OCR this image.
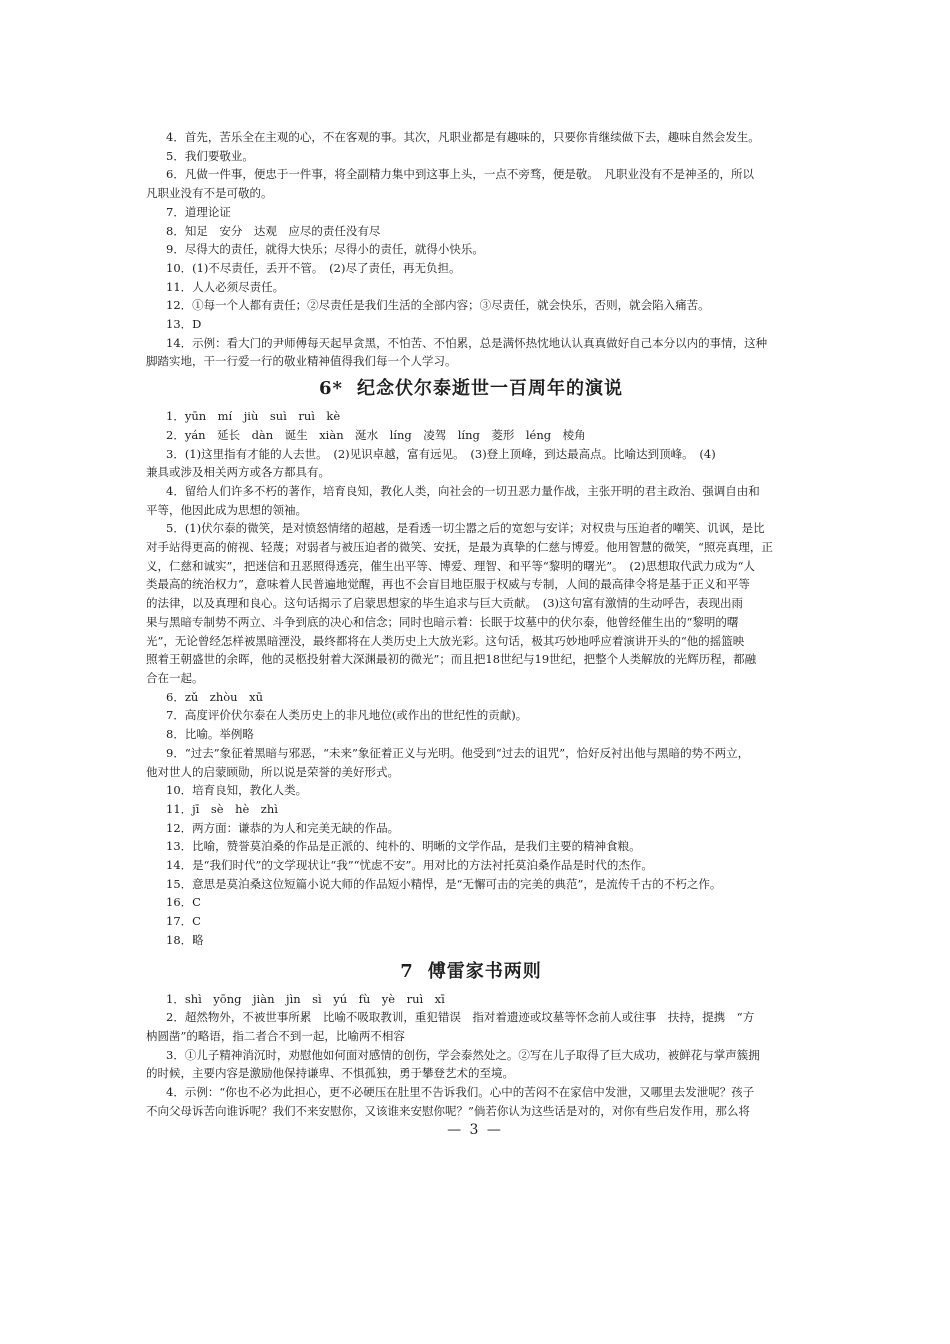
4．首先，苦乐全在主观的心，不在客观的事。其次，凡职业都是有趣味的，只要你肯继续做下去，趣味自然会发生。
5．我们要敬业。
6．凡做一件事，便忠于一件事，将全副精力集中到这事上头，一点不旁骛，便是敬。　凡职业没有不是神圣的，所以
凡职业没有不是可敬的。
7．道理论证
8．知足　安分　达观　应尽的责任没有尽
9．尽得大的责任，就得大快乐；尽得小的责任，就得小快乐。
10．(1)不尽责任，丢开不管。　(2)尽了责任，再无负担。
11．人人必须尽责任。
12．①每一个人都有责任；②尽责任是我们生活的全部内容；③尽责任，就会快乐，否则，就会陷入痛苦。
13．D
14．示例：看大门的尹师傅每天起早贪黑，不怕苦、不怕累，总是满怀热忱地认认真真做好自己本分以内的事情，这种
脚踏实地，干一行爱一行的敬业精神值得我们每一个人学习。
6* 纪念伏尔泰逝世一百周年的演说
1．yūn　mí　jiù　suì　ruì　kè
2．yán　延长　dàn　诞生　xiàn　涎水　líng　凌驾　líng　菱形　léng　棱角
3．(1)这里指有才能的人去世。　(2)见识卓越，富有远见。　(3)登上顶峰，到达最高点。比喻达到顶峰。　(4)
兼具或涉及相关两方或各方都具有。
4．留给人们许多不朽的著作，培育良知，教化人类，向社会的一切丑恶力量作战，主张开明的君主政治、强调自由和
平等，他因此成为思想的领袖。
5．(1)伏尔泰的微笑，是对愤怒情绪的超越，是看透一切尘嚣之后的宽恕与安详；对权贵与压迫者的嘲笑、讥讽，是比
对手站得更高的俯视、轻蔑；对弱者与被压迫者的微笑、安抚，是最为真挚的仁慈与博爱。他用智慧的微笑，“照亮真理，正
义，仁慈和诚实”，把迷信和丑恶照得透亮，催生出平等、博爱、理智、和平等“黎明的曙光”。　(2)思想取代武力成为“人
类最高的统治权力”，意味着人民普遍地觉醒，再也不会盲目地臣服于权威与专制，人间的最高律令将是基于正义和平等
的法律，以及真理和良心。这句话揭示了启蒙思想家的毕生追求与巨大贡献。　(3)这句富有激情的生动呼告，表现出雨
果与黑暗专制势不两立、斗争到底的决心和信念；同时也暗示着：长眠于坟墓中的伏尔泰，他曾经催生出的“黎明的曙
光”，无论曾经怎样被黑暗湮没，最终都将在人类历史上大放光彩。这句话，极其巧妙地呼应着演讲开头的“他的摇篮映
照着王朝盛世的余晖，他的灵柩投射着大深渊最初的微光”；而且把18世纪与19世纪，把整个人类解放的光辉历程，都融
合在一起。
6．zǔ　zhòu　xū
7．高度评价伏尔泰在人类历史上的非凡地位(或作出的世纪性的贡献)。
8．比喻。举例略
9．“过去”象征着黑暗与邪恶，“未来”象征着正义与光明。他受到“过去的诅咒”，恰好反衬出他与黑暗的势不两立，
他对世人的启蒙顾勋，所以说是荣誉的美好形式。
10．培育良知，教化人类。
11．jī　sè　hè　zhì
12．两方面：谦恭的为人和完美无缺的作品。
13．比喻，赞誉莫泊桑的作品是正派的、纯朴的、明晰的文学作品，是我们主要的精神食粮。
14．是“我们时代”的文学现状让“我”“忧虑不安”。用对比的方法衬托莫泊桑作品是时代的杰作。
15．意思是莫泊桑这位短篇小说大师的作品短小精悍，是“无懈可击的完美的典范”，是流传千古的不朽之作。
16．C
17．C
18．略
7 傅雷家书两则
1．shì　yōng　jiàn　jìn　sì　yú　fù　yè　ruì　xī
2．超然物外，不被世事所累　比喻不吸取教训，重犯错误　指对着遗迹或坟墓等怀念前人或往事　扶持，提携　“方
枘圆凿”的略语，指二者合不到一起，比喻两不相容
3．①儿子精神消沉时，劝慰他如何面对感情的创伤，学会泰然处之。②写在儿子取得了巨大成功，被鲜花与掌声簇拥
的时候，主要内容是激励他保持谦卑、不惧孤独，勇于攀登艺术的至境。
4．示例：“你也不必为此担心，更不必硬压在肚里不告诉我们。心中的苦闷不在家信中发泄，又哪里去发泄呢？孩子
不向父母诉苦向谁诉呢？我们不来安慰你，又该谁来安慰你呢？”倘若你认为这些话是对的，对你有些启发作用，那么将
— 3 —
